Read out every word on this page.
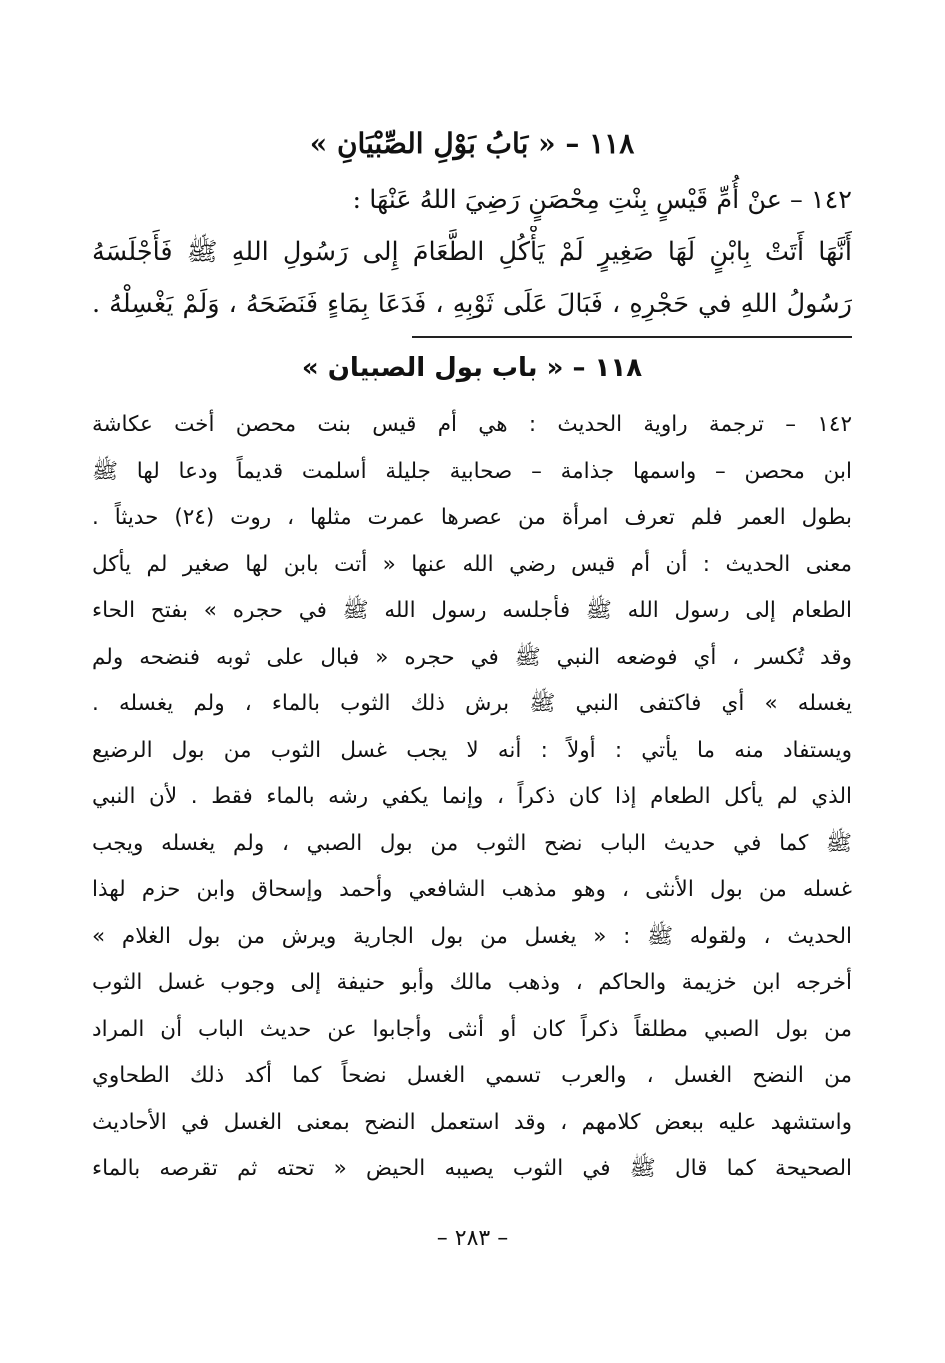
١١٨ – « بَابُ بَوْلِ الصِّبْيَانِ »
١٤٢ – عنْ أُمِّ قَيْسٍ بِنْتِ مِحْصَنٍ رَضِيَ اللهُ عَنْهَا :
أَنَّهَا أَتَتْ بِابْنٍ لَهَا صَغِيرٍ لَمْ يَأْكُلِ الطَّعَامَ إِلى رَسُولِ اللهِ ﷺ فَأَجْلَسَهُ
رَسُولُ اللهِ في حَجْرِهِ ، فَبَالَ عَلَى ثَوْبِهِ ، فَدَعَا بِمَاءٍ فَنَضَحَهُ ، وَلَمْ يَغْسِلْهُ .
١١٨ – « باب بول الصبيان »
١٤٢ – ترجمة راوية الحديث : هي أم قيس بنت محصن أخت عكاشة
ابن محصن – واسمها جذامة – صحابية جليلة أسلمت قديماً ودعا لها ﷺ
بطول العمر فلم تعرف امرأة من عصرها عمرت مثلها ، روت (٢٤) حديثاً .
معنى الحديث : أن أم قيس رضي الله عنها « أتت بابن لها صغير لم يأكل
الطعام إلى رسول الله ﷺ فأجلسه رسول الله ﷺ في حجره » بفتح الحاء
وقد تُكسر ، أي فوضعه النبي ﷺ في حجره « فبال على ثوبه فنضحه ولم
يغسله » أي فاكتفى النبي ﷺ برش ذلك الثوب بالماء ، ولم يغسله .
ويستفاد منه ما يأتي : أولاً : أنه لا يجب غسل الثوب من بول الرضيع
الذي لم يأكل الطعام إذا كان ذكراً ، وإنما يكفي رشه بالماء فقط . لأن النبي
ﷺ كما في حديث الباب نضح الثوب من بول الصبي ، ولم يغسله ويجب
غسله من بول الأنثى ، وهو مذهب الشافعي وأحمد وإسحاق وابن حزم لهذا
الحديث ، ولقوله ﷺ : « يغسل من بول الجارية ويرش من بول الغلام »
أخرجه ابن خزيمة والحاكم ، وذهب مالك وأبو حنيفة إلى وجوب غسل الثوب
من بول الصبي مطلقاً ذكراً كان أو أنثى وأجابوا عن حديث الباب أن المراد
من النضح الغسل ، والعرب تسمي الغسل نضحاً كما أكد ذلك الطحاوي
واستشهد عليه ببعض كلامهم ، وقد استعمل النضح بمعنى الغسل في الأحاديث
الصحيحة كما قال ﷺ في الثوب يصيبه الحيض « تحته ثم تقرصه بالماء
– ٢٨٣ –
